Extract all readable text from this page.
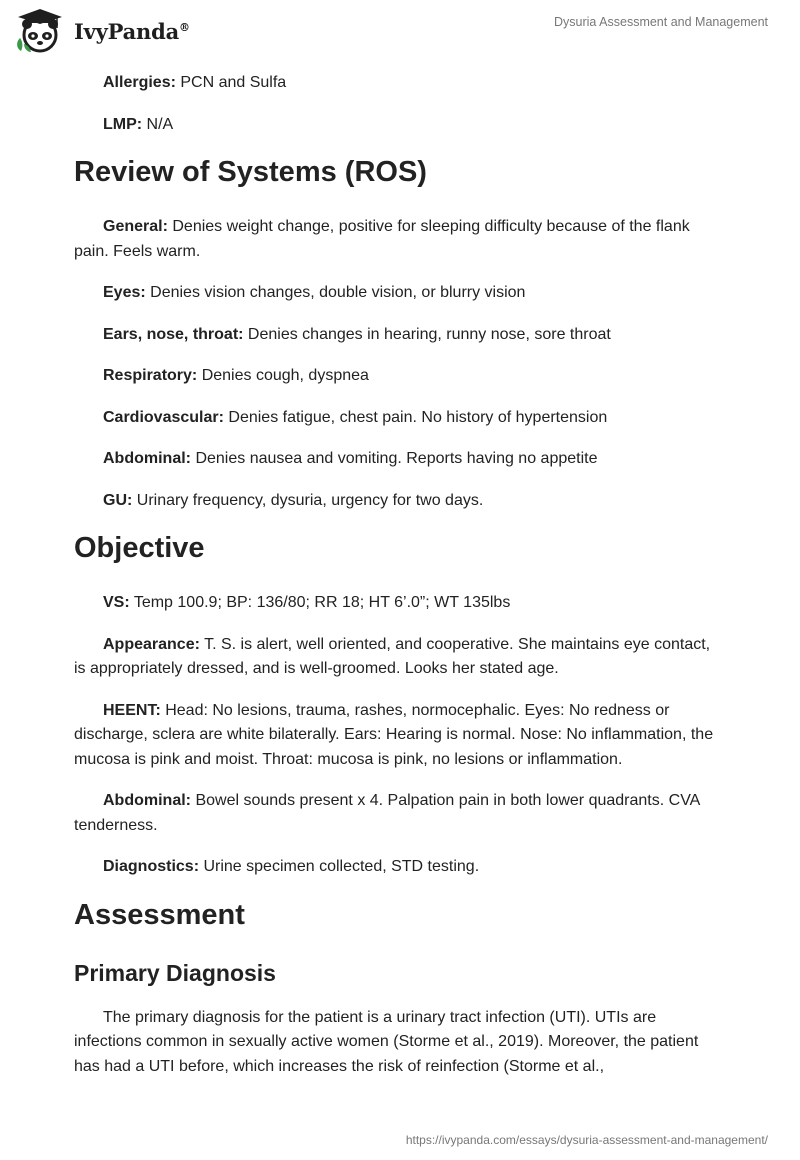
IvyPanda®	Dysuria Assessment and Management

Allergies: PCN and Sulfa

LMP: N/A

Review of Systems (ROS)

General: Denies weight change, positive for sleeping difficulty because of the flank pain. Feels warm.

Eyes: Denies vision changes, double vision, or blurry vision

Ears, nose, throat: Denies changes in hearing, runny nose, sore throat

Respiratory: Denies cough, dyspnea

Cardiovascular: Denies fatigue, chest pain. No history of hypertension

Abdominal: Denies nausea and vomiting. Reports having no appetite

GU: Urinary frequency, dysuria, urgency for two days.

Objective

VS: Temp 100.9; BP: 136/80; RR 18; HT 6’.0”; WT 135lbs

Appearance: T. S. is alert, well oriented, and cooperative. She maintains eye contact, is appropriately dressed, and is well-groomed. Looks her stated age.

HEENT: Head: No lesions, trauma, rashes, normocephalic. Eyes: No redness or discharge, sclera are white bilaterally. Ears: Hearing is normal. Nose: No inflammation, the mucosa is pink and moist. Throat: mucosa is pink, no lesions or inflammation.

Abdominal: Bowel sounds present x 4. Palpation pain in both lower quadrants. CVA tenderness.

Diagnostics: Urine specimen collected, STD testing.

Assessment
Primary Diagnosis

The primary diagnosis for the patient is a urinary tract infection (UTI). UTIs are infections common in sexually active women (Storme et al., 2019). Moreover, the patient has had a UTI before, which increases the risk of reinfection (Storme et al.,

https://ivypanda.com/essays/dysuria-assessment-and-management/
